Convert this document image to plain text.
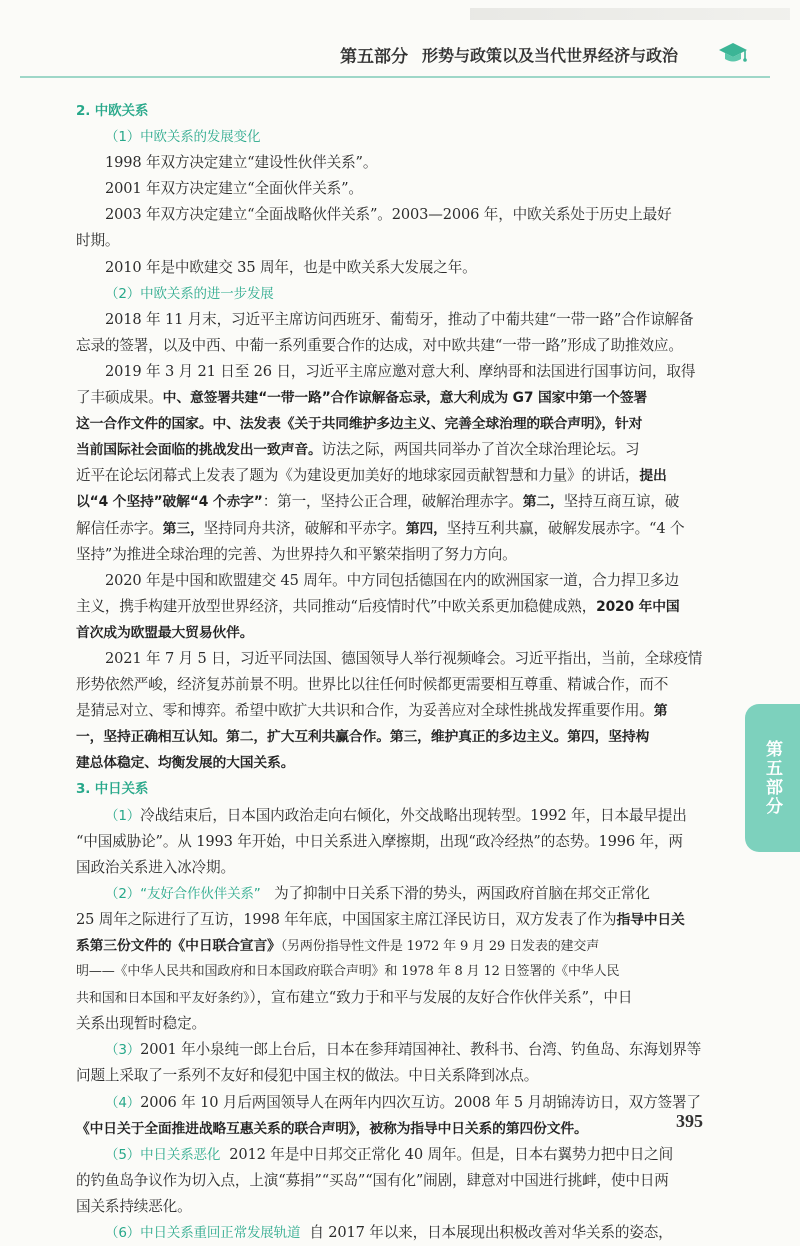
第五部分 形势与政策以及当代世界经济与政治
2. 中欧关系
（1）中欧关系的发展变化
1998 年双方决定建立“建设性伙伴关系”。
2001 年双方决定建立“全面伙伴关系”。
2003 年双方决定建立“全面战略伙伴关系”。2003—2006 年，中欧关系处于历史上最好
时期。
2010 年是中欧建交 35 周年，也是中欧关系大发展之年。
（2）中欧关系的进一步发展
2018 年 11 月末，习近平主席访问西班牙、葡萄牙，推动了中葡共建“一带一路”合作谅解备
忘录的签署，以及中西、中葡一系列重要合作的达成，对中欧共建“一带一路”形成了助推效应。
2019 年 3 月 21 日至 26 日，习近平主席应邀对意大利、摩纳哥和法国进行国事访问，取得
了丰硕成果。中、意签署共建“一带一路”合作谅解备忘录，意大利成为 G7 国家中第一个签署
这一合作文件的国家。中、法发表《关于共同维护多边主义、完善全球治理的联合声明》，针对
当前国际社会面临的挑战发出一致声音。访法之际，两国共同举办了首次全球治理论坛。习
近平在论坛闭幕式上发表了题为《为建设更加美好的地球家园贡献智慧和力量》的讲话，提出
以“4 个坚持”破解“4 个赤字”：第一，坚持公正合理，破解治理赤字。第二，坚持互商互谅，破
解信任赤字。第三，坚持同舟共济，破解和平赤字。第四，坚持互利共赢，破解发展赤字。“4 个
坚持”为推进全球治理的完善、为世界持久和平繁荣指明了努力方向。
2020 年是中国和欧盟建交 45 周年。中方同包括德国在内的欧洲国家一道，合力捍卫多边
主义，携手构建开放型世界经济，共同推动“后疫情时代”中欧关系更加稳健成熟，2020 年中国
首次成为欧盟最大贸易伙伴。
2021 年 7 月 5 日，习近平同法国、德国领导人举行视频峰会。习近平指出，当前，全球疫情
形势依然严峻，经济复苏前景不明。世界比以往任何时候都更需要相互尊重、精诚合作，而不
是猜忌对立、零和博弈。希望中欧扩大共识和合作，为妥善应对全球性挑战发挥重要作用。第
一，坚持正确相互认知。第二，扩大互利共赢合作。第三，维护真正的多边主义。第四，坚持构
建总体稳定、均衡发展的大国关系。
3. 中日关系
（1）冷战结束后，日本国内政治走向右倾化，外交战略出现转型。1992 年，日本最早提出
“中国威胁论”。从 1993 年开始，中日关系进入摩擦期，出现“政冷经热”的态势。1996 年，两
国政治关系进入冰冷期。
（2）“友好合作伙伴关系” 为了抑制中日关系下滑的势头，两国政府首脑在邦交正常化
25 周年之际进行了互访，1998 年年底，中国国家主席江泽民访日，双方发表了作为指导中日关
系第三份文件的《中日联合宣言》（另两份指导性文件是 1972 年 9 月 29 日发表的建交声
明——《中华人民共和国政府和日本国政府联合声明》和 1978 年 8 月 12 日签署的《中华人民
共和国和日本国和平友好条约》），宣布建立“致力于和平与发展的友好合作伙伴关系”，中日
关系出现暂时稳定。
（3）2001 年小泉纯一郎上台后，日本在参拜靖国神社、教科书、台湾、钓鱼岛、东海划界等
问题上采取了一系列不友好和侵犯中国主权的做法。中日关系降到冰点。
（4）2006 年 10 月后两国领导人在两年内四次互访。2008 年 5 月胡锦涛访日，双方签署了
《中日关于全面推进战略互惠关系的联合声明》，被称为指导中日关系的第四份文件。
（5）中日关系恶化 2012 年是中日邦交正常化 40 周年。但是，日本右翼势力把中日之间
的钓鱼岛争议作为切入点，上演“募捐”“买岛”“国有化”闹剧，肆意对中国进行挑衅，使中日两
国关系持续恶化。
（6）中日关系重回正常发展轨道 自 2017 年以来，日本展现出积极改善对华关系的姿态，
第五部分
395
